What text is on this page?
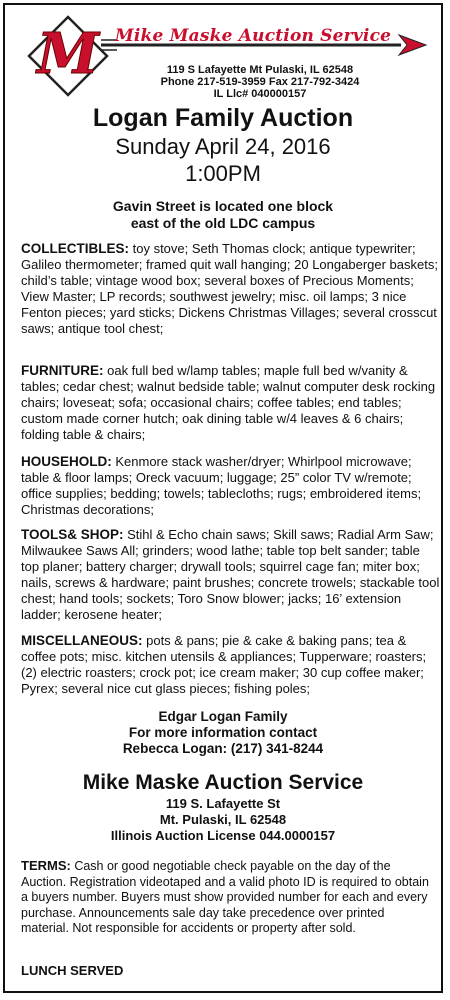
M Mike Maske Auction Service
119 S Lafayette Mt Pulaski, IL 62548
Phone 217-519-3959 Fax 217-792-3424
IL Llc# 040000157
Logan Family Auction
Sunday April 24, 2016
1:00PM
Gavin Street is located one block
east of the old LDC campus
COLLECTIBLES: toy stove; Seth Thomas clock; antique typewriter; Galileo thermometer; framed quit wall hanging; 20 Longaberger baskets; child’s table; vintage wood box; several boxes of Precious Moments; View Master; LP records; southwest jewelry; misc. oil lamps; 3 nice Fenton pieces; yard sticks; Dickens Christmas Villages; several crosscut saws; antique tool chest;
FURNITURE: oak full bed w/lamp tables; maple full bed w/vanity & tables; cedar chest; walnut bedside table; walnut computer desk rocking chairs; loveseat; sofa; occasional chairs; coffee tables; end tables; custom made corner hutch; oak dining table w/4 leaves & 6 chairs; folding table & chairs;
HOUSEHOLD: Kenmore stack washer/dryer; Whirlpool microwave; table & floor lamps; Oreck vacuum; luggage; 25” color TV w/remote; office supplies; bedding; towels; tablecloths; rugs; embroidered items; Christmas decorations;
TOOLS& SHOP: Stihl & Echo chain saws; Skill saws; Radial Arm Saw; Milwaukee Saws All; grinders; wood lathe; table top belt sander; table top planer; battery charger; drywall tools; squirrel cage fan; miter box; nails, screws & hardware; paint brushes; concrete trowels; stackable tool chest; hand tools; sockets; Toro Snow blower; jacks; 16’ extension ladder; kerosene heater;
MISCELLANEOUS: pots & pans; pie & cake & baking pans; tea & coffee pots; misc. kitchen utensils & appliances; Tupperware; roasters; (2) electric roasters; crock pot; ice cream maker; 30 cup coffee maker; Pyrex; several nice cut glass pieces; fishing poles;
Edgar Logan Family
For more information contact
Rebecca Logan: (217) 341-8244
Mike Maske Auction Service
119 S. Lafayette St
Mt. Pulaski, IL 62548
Illinois Auction License 044.0000157
TERMS: Cash or good negotiable check payable on the day of the Auction. Registration videotaped and a valid photo ID is required to obtain a buyers number. Buyers must show provided number for each and every purchase. Announcements sale day take precedence over printed material. Not responsible for accidents or property after sold.
LUNCH SERVED
